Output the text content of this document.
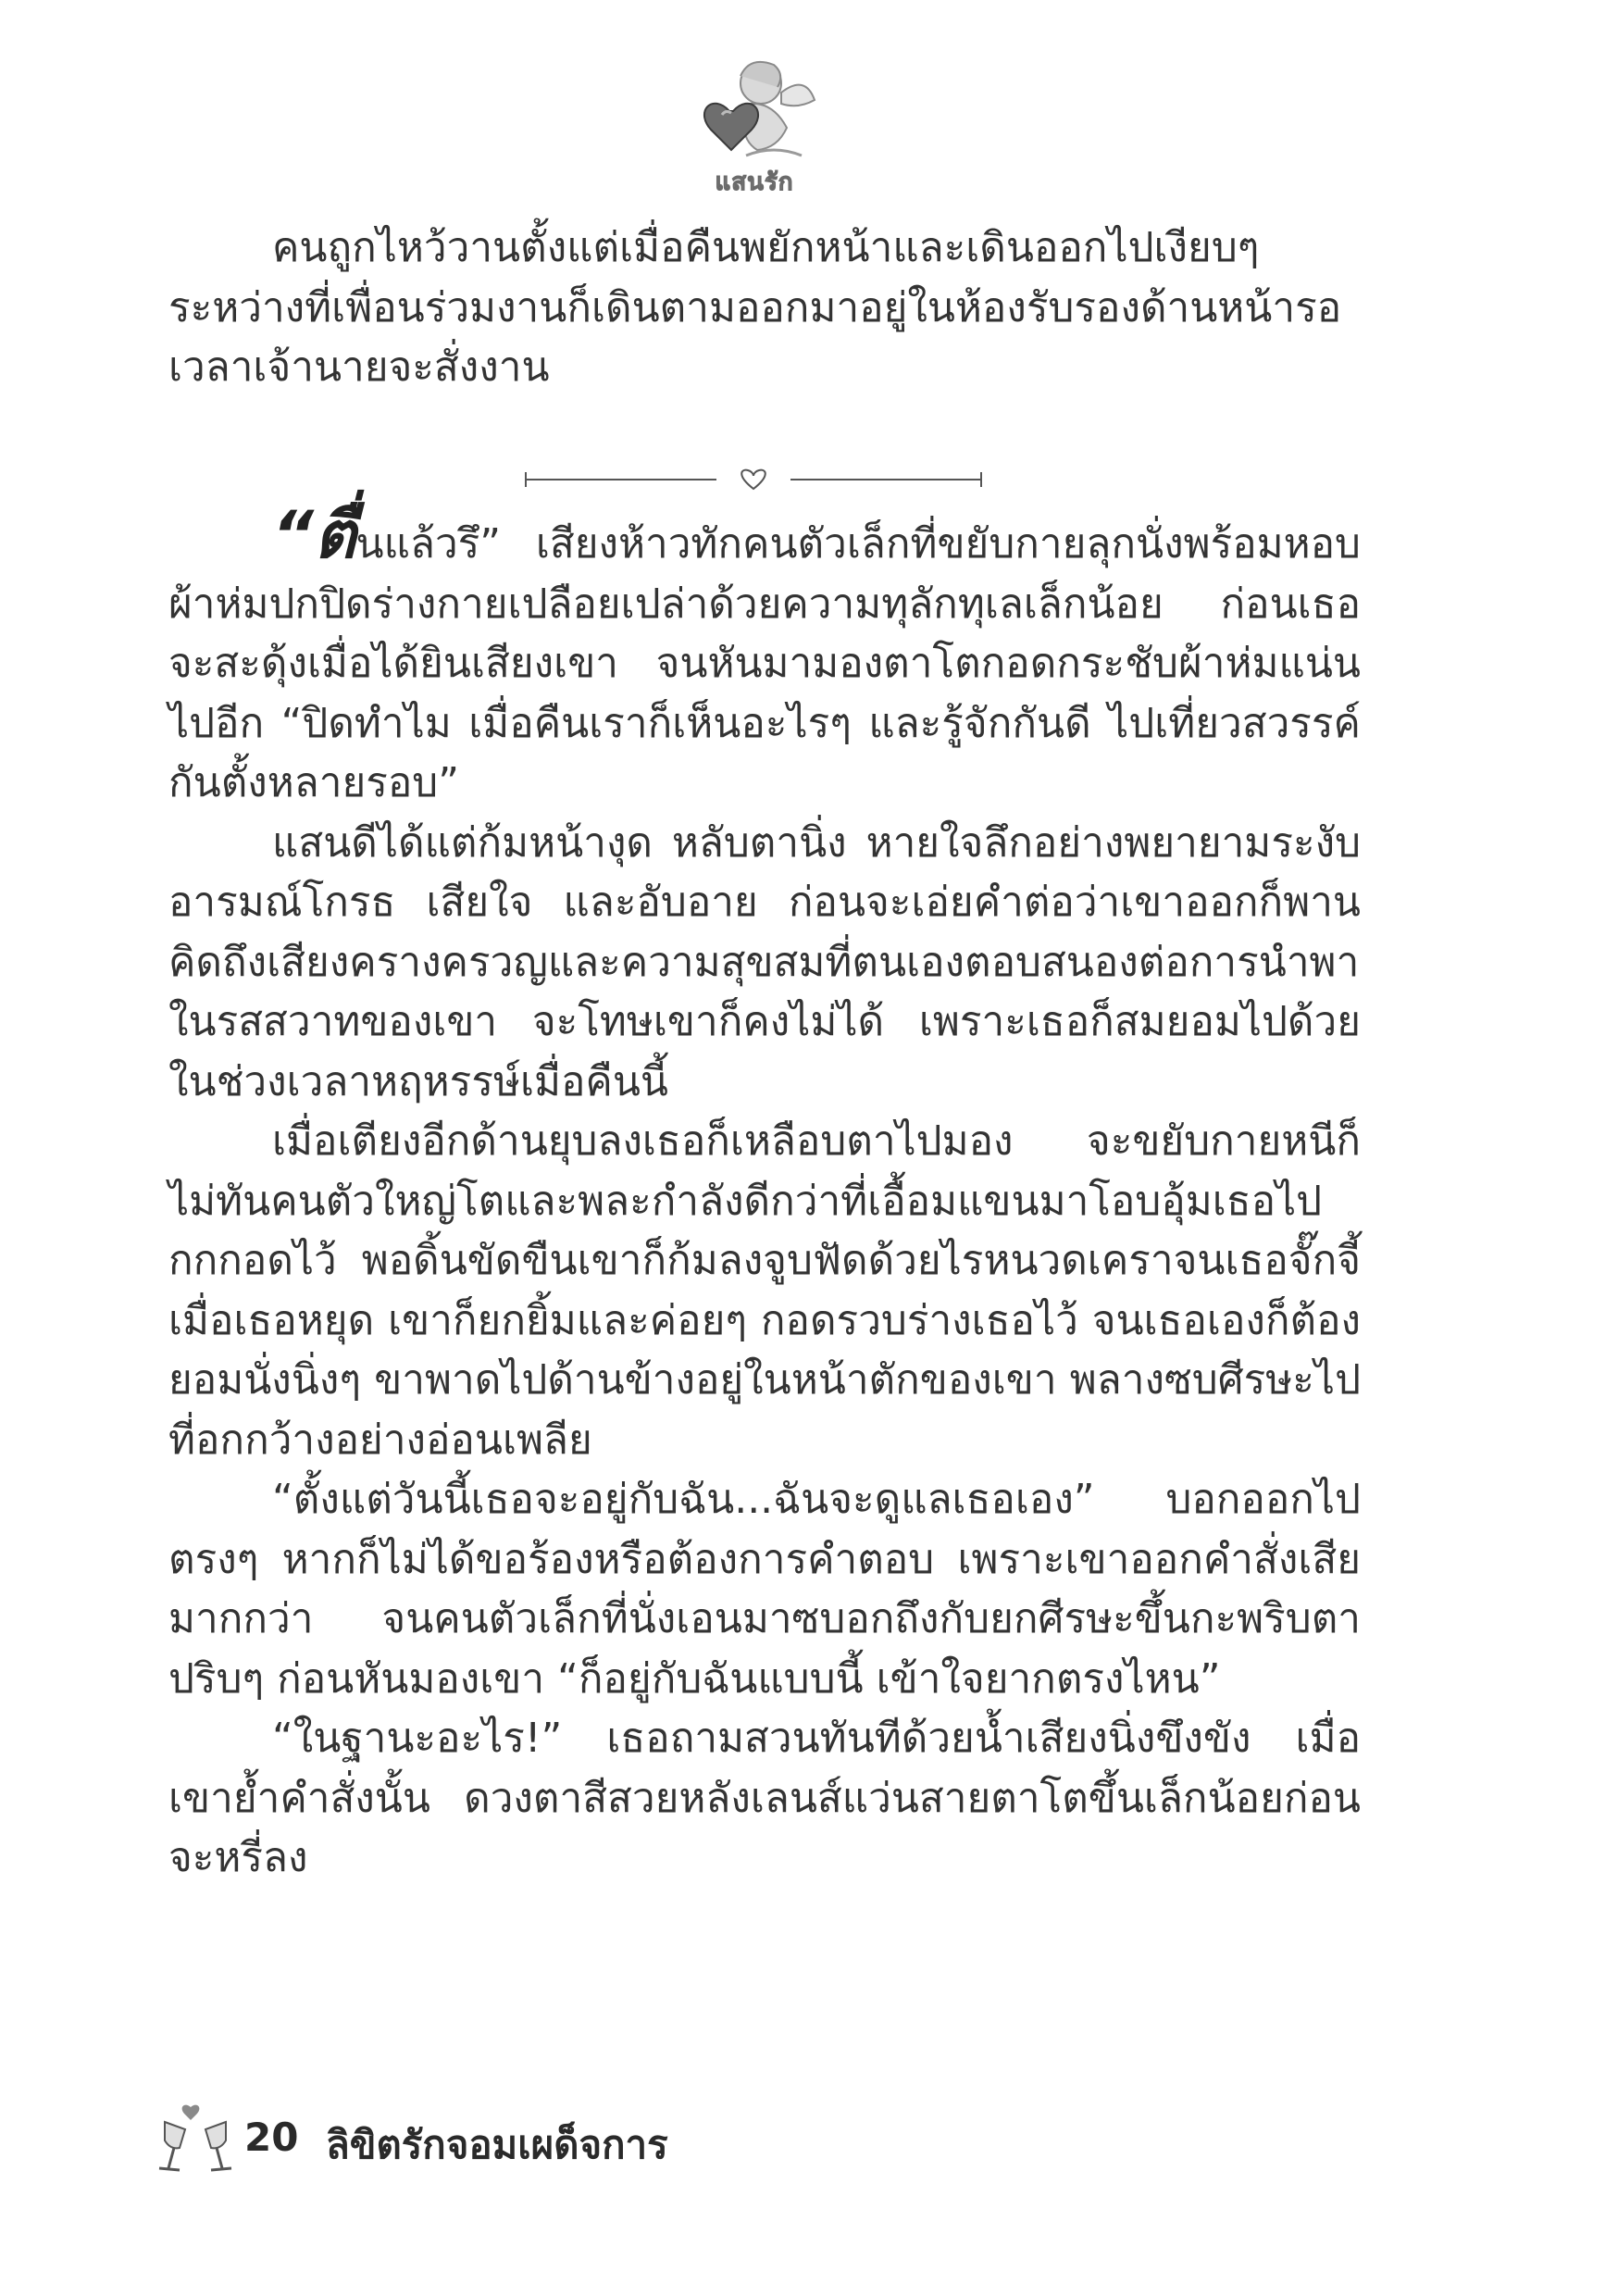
แสนรัก

คนถูกไหว้วานตั้งแต่เมื่อคืนพยักหน้าและเดินออกไปเงียบๆ ระหว่างที่เพื่อนร่วมงานก็เดินตามออกมาอยู่ในห้องรับรองด้านหน้ารอเวลาเจ้านายจะสั่งงาน

“ตื่นแล้วรึ” เสียงห้าวทักคนตัวเล็กที่ขยับกายลุกนั่งพร้อมหอบผ้าห่มปกปิดร่างกายเปลือยเปล่าด้วยความทุลักทุเลเล็กน้อย ก่อนเธอจะสะดุ้งเมื่อได้ยินเสียงเขา จนหันมามองตาโตกอดกระชับผ้าห่มแน่นไปอีก “ปิดทำไม เมื่อคืนเราก็เห็นอะไรๆ และรู้จักกันดี ไปเที่ยวสวรรค์กันตั้งหลายรอบ”

แสนดีได้แต่ก้มหน้างุด หลับตานิ่ง หายใจลึกอย่างพยายามระงับอารมณ์โกรธ เสียใจ และอับอาย ก่อนจะเอ่ยคำต่อว่าเขาออกก็พานคิดถึงเสียงครางครวญและความสุขสมที่ตนเองตอบสนองต่อการนำพาในรสสวาทของเขา จะโทษเขาก็คงไม่ได้ เพราะเธอก็สมยอมไปด้วยในช่วงเวลาหฤหรรษ์เมื่อคืนนี้

เมื่อเตียงอีกด้านยุบลงเธอก็เหลือบตาไปมอง จะขยับกายหนีก็ไม่ทันคนตัวใหญ่โตและพละกำลังดีกว่าที่เอื้อมแขนมาโอบอุ้มเธอไปกกกอดไว้ พอดิ้นขัดขืนเขาก็ก้มลงจูบฟัดด้วยไรหนวดเคราจนเธอจั๊กจี้ เมื่อเธอหยุด เขาก็ยกยิ้มและค่อยๆ กอดรวบร่างเธอไว้ จนเธอเองก็ต้องยอมนั่งนิ่งๆ ขาพาดไปด้านข้างอยู่ในหน้าตักของเขา พลางซบศีรษะไปที่อกกว้างอย่างอ่อนเพลีย

“ตั้งแต่วันนี้เธอจะอยู่กับฉัน...ฉันจะดูแลเธอเอง” บอกออกไปตรงๆ หากก็ไม่ได้ขอร้องหรือต้องการคำตอบ เพราะเขาออกคำสั่งเสียมากกว่า จนคนตัวเล็กที่นั่งเอนมาซบอกถึงกับยกศีรษะขึ้นกะพริบตาปริบๆ ก่อนหันมองเขา “ก็อยู่กับฉันแบบนี้ เข้าใจยากตรงไหน”

“ในฐานะอะไร!” เธอถามสวนทันทีด้วยน้ำเสียงนิ่งขึงขัง เมื่อเขาย้ำคำสั่งนั้น ดวงตาสีสวยหลังเลนส์แว่นสายตาโตขึ้นเล็กน้อยก่อนจะหรี่ลง

20 ลิขิตรักจอมเผด็จการ
